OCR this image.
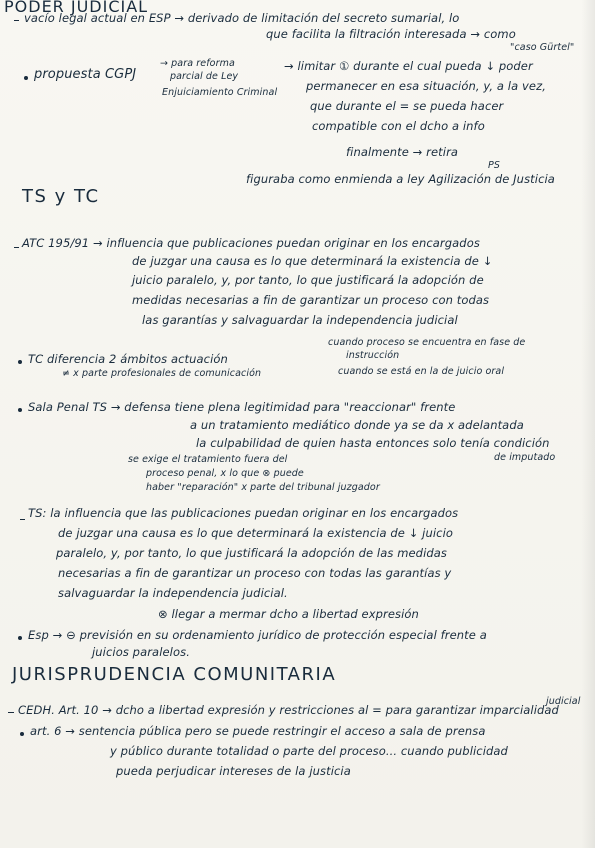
PODER JUDICIAL
vacío legal actual en ESP → derivado de limitación del secreto sumarial, lo
que facilita la filtración interesada → como
"caso Gürtel"
propuesta CGPJ
→ para reforma
parcial de Ley
Enjuiciamiento Criminal
→ limitar ① durante el cual pueda ↓ poder
permanecer en esa situación, y, a la vez,
que durante el = se pueda hacer
compatible con el dcho a info
finalmente → retira
PS
figuraba como enmienda a ley Agilización de Justicia
TS y TC
ATC 195/91 → influencia que publicaciones puedan originar en los encargados
de juzgar una causa es lo que determinará la existencia de ↓
juicio paralelo, y, por tanto, lo que justificará la adopción de
medidas necesarias a fin de garantizar un proceso con todas
las garantías y salvaguardar la independencia judicial
TC diferencia 2 ámbitos actuación
≠ x parte profesionales de comunicación
cuando proceso se encuentra en fase de
instrucción
cuando se está en la de juicio oral
Sala Penal TS → defensa tiene plena legitimidad para "reaccionar" frente
a un tratamiento mediático donde ya se da x adelantada
la culpabilidad de quien hasta entonces solo tenía condición
de imputado
se exige el tratamiento fuera del
proceso penal, x lo que ⊗ puede
haber "reparación" x parte del tribunal juzgador
TS: la influencia que las publicaciones puedan originar en los encargados
de juzgar una causa es lo que determinará la existencia de ↓ juicio
paralelo, y, por tanto, lo que justificará la adopción de las medidas
necesarias a fin de garantizar un proceso con todas las garantías y
salvaguardar la independencia judicial.
⊗ llegar a mermar dcho a libertad expresión
Esp → ⊖ previsión en su ordenamiento jurídico de protección especial frente a
juicios paralelos.
JURISPRUDENCIA COMUNITARIA
CEDH. Art. 10 → dcho a libertad expresión y restricciones al = para garantizar imparcialidad
judicial
art. 6 → sentencia pública pero se puede restringir el acceso a sala de prensa
y público durante totalidad o parte del proceso... cuando publicidad
pueda perjudicar intereses de la justicia
